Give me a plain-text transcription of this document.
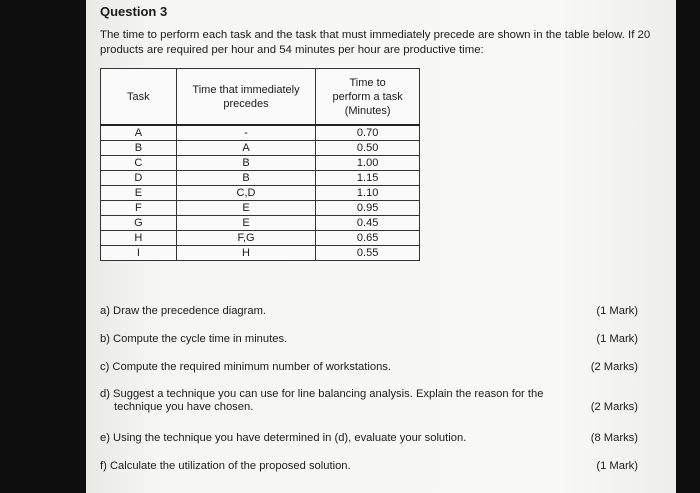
Question 3
The time to perform each task and the task that must immediately precede are shown in the table below. If 20 products are required per hour and 54 minutes per hour are productive time:
Task	Time that immediately precedes	Time to
perform a task
(Minutes)
A	-	0.70
B	A	0.50
C	B	1.00
D	B	1.15
E	C,D	1.10
F	E	0.95
G	E	0.45
H	F,G	0.65
I	H	0.55
a) Draw the precedence diagram.	(1 Mark)
b) Compute the cycle time in minutes.	(1 Mark)
c) Compute the required minimum number of workstations.	(2 Marks)
d) Suggest a technique you can use for line balancing analysis. Explain the reason for the
technique you have chosen.	(2 Marks)
e) Using the technique you have determined in (d), evaluate your solution.	(8 Marks)
f) Calculate the utilization of the proposed solution.	(1 Mark)
